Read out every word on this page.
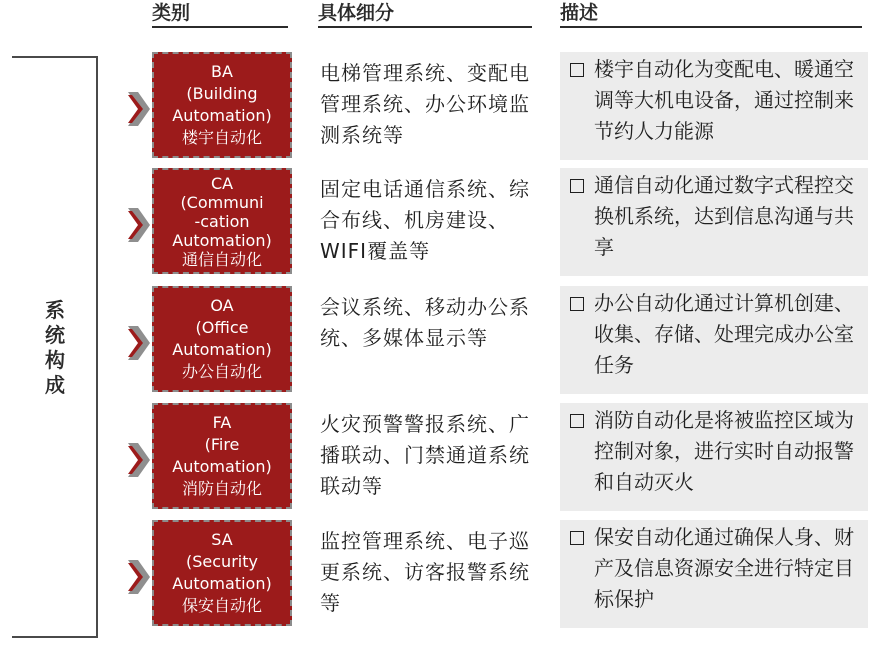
类别	具体细分	描述
系
统
构
成
BA
(Building
Automation)
楼宇自动化
电梯管理系统、变配电管理系统、办公环境监测系统等
楼宇自动化为变配电、暖通空调等大机电设备，通过控制来节约人力能源
CA
(Communi
-cation
Automation)
通信自动化
固定电话通信系统、综合布线、机房建设、WIFI覆盖等
通信自动化通过数字式程控交换机系统，达到信息沟通与共享
OA
(Office
Automation)
办公自动化
会议系统、移动办公系统、多媒体显示等
办公自动化通过计算机创建、收集、存储、处理完成办公室任务
FA
(Fire
Automation)
消防自动化
火灾预警警报系统、广播联动、门禁通道系统联动等
消防自动化是将被监控区域为控制对象，进行实时自动报警和自动灭火
SA
(Security
Automation)
保安自动化
监控管理系统、电子巡更系统、访客报警系统等
保安自动化通过确保人身、财产及信息资源安全进行特定目标保护
